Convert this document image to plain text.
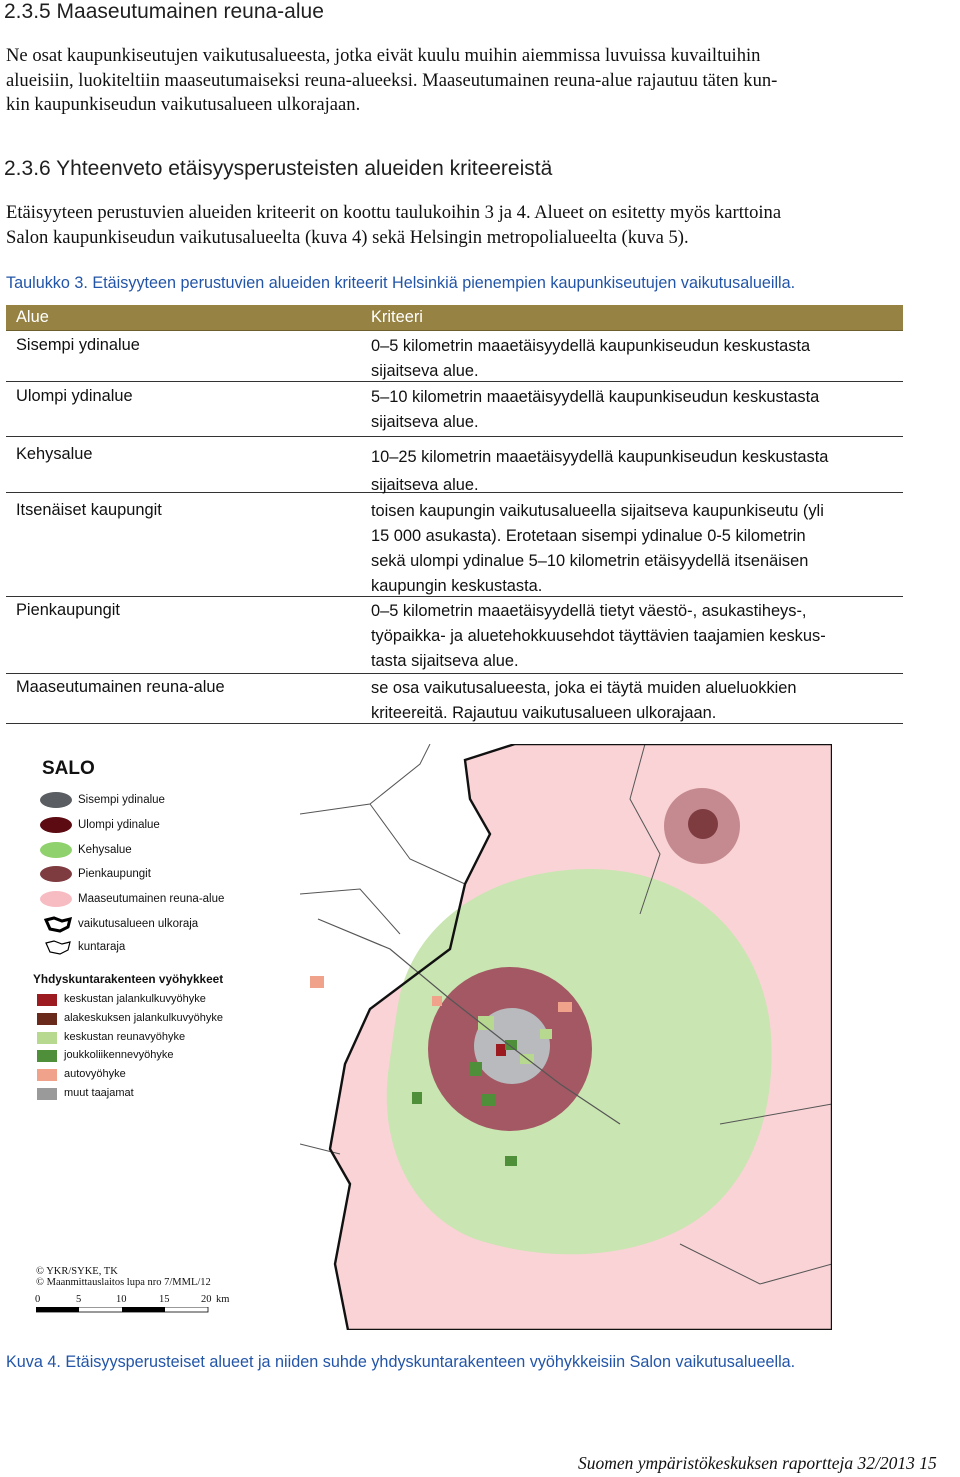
2.3.5 Maaseutumainen reuna-alue
Ne osat kaupunkiseutujen vaikutusalueesta, jotka eivät kuulu muihin aiemmissa luvuissa kuvailtuihin
alueisiin, luokiteltiin maaseutumaiseksi reuna-alueeksi. Maaseutumainen reuna-alue rajautuu täten kun-
kin kaupunkiseudun vaikutusalueen ulkorajaan.
2.3.6 Yhteenveto etäisyysperusteisten alueiden kriteereistä
Etäisyyteen perustuvien alueiden kriteerit on koottu taulukoihin 3 ja 4. Alueet on esitetty myös karttoina
Salon kaupunkiseudun vaikutusalueelta (kuva 4) sekä Helsingin metropolialueelta (kuva 5).
Taulukko 3. Etäisyyteen perustuvien alueiden kriteerit Helsinkiä pienempien kaupunkiseutujen vaikutusalueilla.
Alue	Kriteeri
Sisempi ydinalue	0–5 kilometrin maaetäisyydellä kaupunkiseudun keskustasta
sijaitseva alue.
Ulompi ydinalue	5–10 kilometrin maaetäisyydellä kaupunkiseudun keskustasta
sijaitseva alue.
Kehysalue	10–25 kilometrin maaetäisyydellä kaupunkiseudun keskustasta
sijaitseva alue.
Itsenäiset kaupungit	toisen kaupungin vaikutusalueella sijaitseva kaupunkiseutu (yli
15 000 asukasta). Erotetaan sisempi ydinalue 0-5 kilometrin
sekä ulompi ydinalue 5–10 kilometrin etäisyydellä itsenäisen
kaupungin keskustasta.
Pienkaupungit	0–5 kilometrin maaetäisyydellä tietyt väestö-, asukastiheys-,
työpaikka- ja aluetehokkuusehdot täyttävien taajamien keskus-
tasta sijaitseva alue.
Maaseutumainen reuna-alue	se osa vaikutusalueesta, joka ei täytä muiden alueluokkien
kriteereitä. Rajautuu vaikutusalueen ulkorajaan.
SALO
Sisempi ydinalue
Ulompi ydinalue
Kehysalue
Pienkaupungit
Maaseutumainen reuna-alue
vaikutusalueen ulkoraja
kuntaraja
Yhdyskuntarakenteen vyöhykkeet
keskustan jalankulkuvyöhyke
alakeskuksen jalankulkuvyöhyke
keskustan reunavyöhyke
joukkoliikennevyöhyke
autovyöhyke
muut taajamat
© YKR/SYKE, TK
© Maanmittauslaitos lupa nro 7/MML/12
0	5	10	15	20 km
Kuva 4. Etäisyysperusteiset alueet ja niiden suhde yhdyskuntarakenteen vyöhykkeisiin Salon vaikutusalueella.
Suomen ympäristökeskuksen raportteja 32/2013 15
